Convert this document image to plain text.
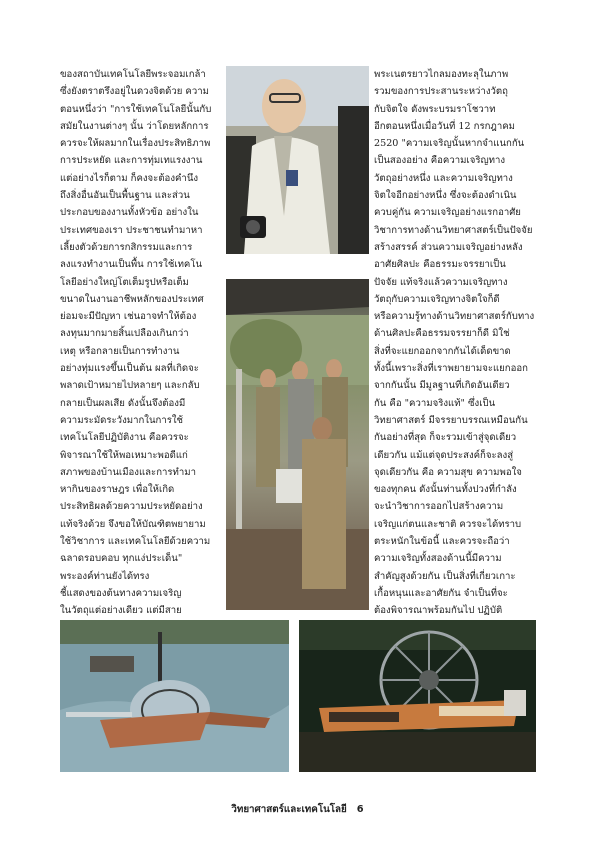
ของสถาบันเทคโนโลยีพระจอมเกล้า

ซึ่งยังตราตรึงอยู่ในดวงจิตด้วย ความ

ตอนหนึ่งว่า "การใช้เทคโนโลยีนั้นกับ

สมัยในงานต่างๆ นั้น ว่าโดยหลักการ

ควรจะให้ผลมากในเรื่องประสิทธิภาพ

การประหยัด และการทุ่มเทแรงงาน

แต่อย่างไรก็ตาม ก็คงจะต้องคำนึง

ถึงสิ่งอื่นอันเป็นพื้นฐาน และส่วน

ประกอบของงานทั้งหัวข้อ อย่างใน

ประเทศของเรา ประชาชนทำมาหา

เลี้ยงตัวด้วยการกสิกรรมและการ

ลงแรงทำงานเป็นพื้น การใช้เทคโน

โลยีอย่างใหญ่โตเต็มรูปหรือเต็ม

ขนาดในงานอาชีพหลักของประเทศ

ย่อมจะมีปัญหา เช่นอาจทำให้ต้อง

ลงทุนมากมายสิ้นเปลืองเกินกว่า

เหตุ หรือกลายเป็นการทำงาน

อย่างทุ่มแรงขึ้นเป็นต้น ผลที่เกิดจะ

พลาดเป้าหมายไปหลายๆ และกลับ

กลายเป็นผลเสีย ดังนั้นจึงต้องมี

ความระมัดระวังมากในการใช้

เทคโนโลยีปฏิบัติงาน คือควรจะ

พิจารณาใช้ให้พอเหมาะพอดีแก่

สภาพของบ้านเมืองและการทำมา

หากินของราษฎร เพื่อให้เกิด

ประสิทธิผลด้วยความประหยัดอย่าง

แท้จริงด้วย จึงขอให้บัณฑิตพยายาม

ใช้วิชาการ และเทคโนโลยีด้วยความ

ฉลาดรอบคอบ ทุกแง่ประเด็น"

พระองค์ท่านยังได้ทรง

ชี้แสดงของต้นทางความเจริญ

ในวัตถุแต่อย่างเดียว แต่มีสาย

พระเนตรยาวไกลมองทะลุในภาพ

รวมของการประสานระหว่างวัตถุ

กับจิตใจ ดังพระบรมราโชวาท

อีกตอนหนึ่งเมื่อวันที่ 12 กรกฎาคม

2520 "ความเจริญนั้นหากจำแนกกัน

เป็นสองอย่าง คือความเจริญทาง

วัตถุอย่างหนึ่ง และความเจริญทาง

จิตใจอีกอย่างหนึ่ง ซึ่งจะต้องดำเนิน

ควบคู่กัน ความเจริญอย่างแรกอาศัย

วิชาการทางด้านวิทยาศาสตร์เป็นปัจจัย

สร้างสรรค์ ส่วนความเจริญอย่างหลัง

อาศัยศิลปะ คือธรรมะจรรยาเป็น

ปัจจัย แท้จริงแล้วความเจริญทาง

วัตถุกับความเจริญทางจิตใจก็ดี

หรือความรู้ทางด้านวิทยาศาสตร์กับทาง

ด้านศิลปะคือธรรมจรรยาก็ดี มิใช่

สิ่งที่จะแยกออกจากกันได้เด็ดขาด

ทั้งนี้เพราะสิ่งที่เราพยายามจะแยกออก

จากกันนั้น มีมูลฐานที่เกิดอันเดียว

กัน คือ "ความจริงแท้" ซึ่งเป็น

วิทยาศาสตร์ มีจรรยาบรรณเหมือนกัน

กันอย่างที่สุด ก็จะรวมเข้าสู่จุดเดียว

เดียวกัน แม้แต่จุดประสงค์ก็จะลงสู่

จุดเดียวกัน คือ ความสุข ความพอใจ

ของทุกคน ดังนั้นท่านทั้งปวงที่กำลัง

จะนำวิชาการออกไปสร้างความ

เจริญแก่ตนและชาติ ควรจะได้ทราบ

ตระหนักในข้อนี้ และควรจะถือว่า

ความเจริญทั้งสองด้านนี้มีความ

สำคัญสูงด้วยกัน เป็นสิ่งที่เกี่ยวเกาะ

เกื้อหนุนและอาศัยกัน จำเป็นที่จะ

ต้องพิจารณาพร้อมกันไป ปฏิบัติ

วิทยาศาสตร์และเทคโนโลยี 6
